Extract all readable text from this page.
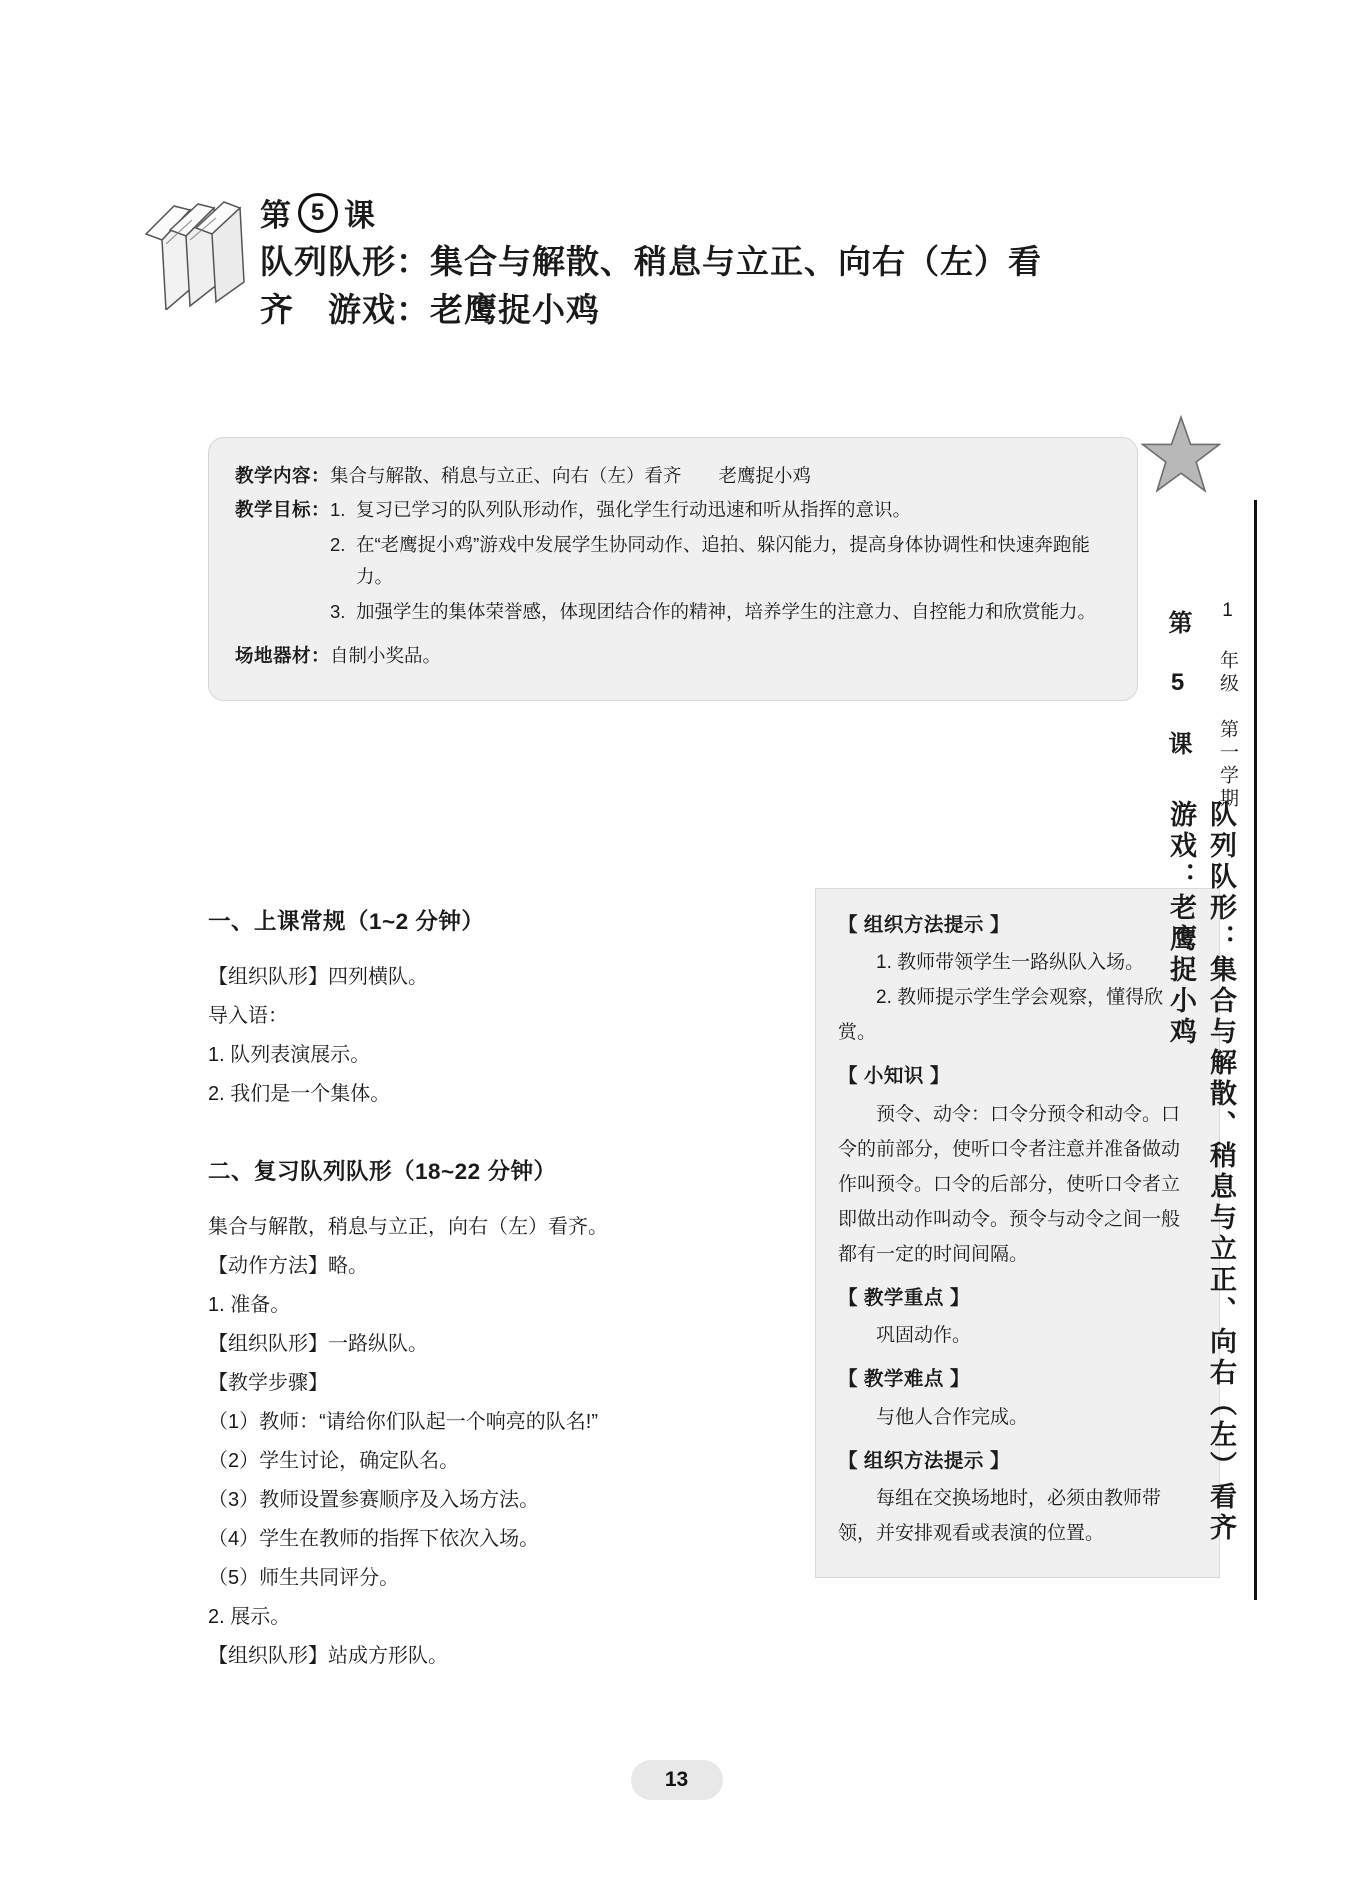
第 5 课
队列队形：集合与解散、稍息与立正、向右（左）看齐　游戏：老鹰捉小鸡
教学内容： 集合与解散、稍息与立正、向右（左）看齐　　老鹰捉小鸡
教学目标： 1. 复习已学习的队列队形动作，强化学生行动迅速和听从指挥的意识。
2. 在“老鹰捉小鸡”游戏中发展学生协同动作、追拍、躲闪能力，提高身体协调性和快速奔跑能力。
3. 加强学生的集体荣誉感，体现团结合作的精神，培养学生的注意力、自控能力和欣赏能力。
场地器材： 自制小奖品。

一、上课常规（1~2 分钟）

【组织队形】四列横队。

导入语：

1. 队列表演展示。

2. 我们是一个集体。

二、复习队列队形（18~22 分钟）

集合与解散，稍息与立正，向右（左）看齐。

【动作方法】略。

1. 准备。

【组织队形】一路纵队。

【教学步骤】

（1）教师：“请给你们队起一个响亮的队名!”

（2）学生讨论，确定队名。

（3）教师设置参赛顺序及入场方法。

（4）学生在教师的指挥下依次入场。

（5）师生共同评分。

2. 展示。

【组织队形】站成方形队。

【 组织方法提示 】

1. 教师带领学生一路纵队入场。

2. 教师提示学生学会观察，懂得欣赏。

【 小知识 】

预令、动令：口令分预令和动令。口令的前部分，使听口令者注意并准备做动作叫预令。口令的后部分，使听口令者立即做出动作叫动令。预令与动令之间一般都有一定的时间间隔。

【 教学重点 】

巩固动作。

【 教学难点 】

与他人合作完成。

【 组织方法提示 】

每组在交换场地时，必须由教师带领，并安排观看或表演的位置。

1 年级　第一学期
第 5 课
队列队形：集合与解散、稍息与立正、向右（左）看齐
游戏：老鹰捉小鸡
13
